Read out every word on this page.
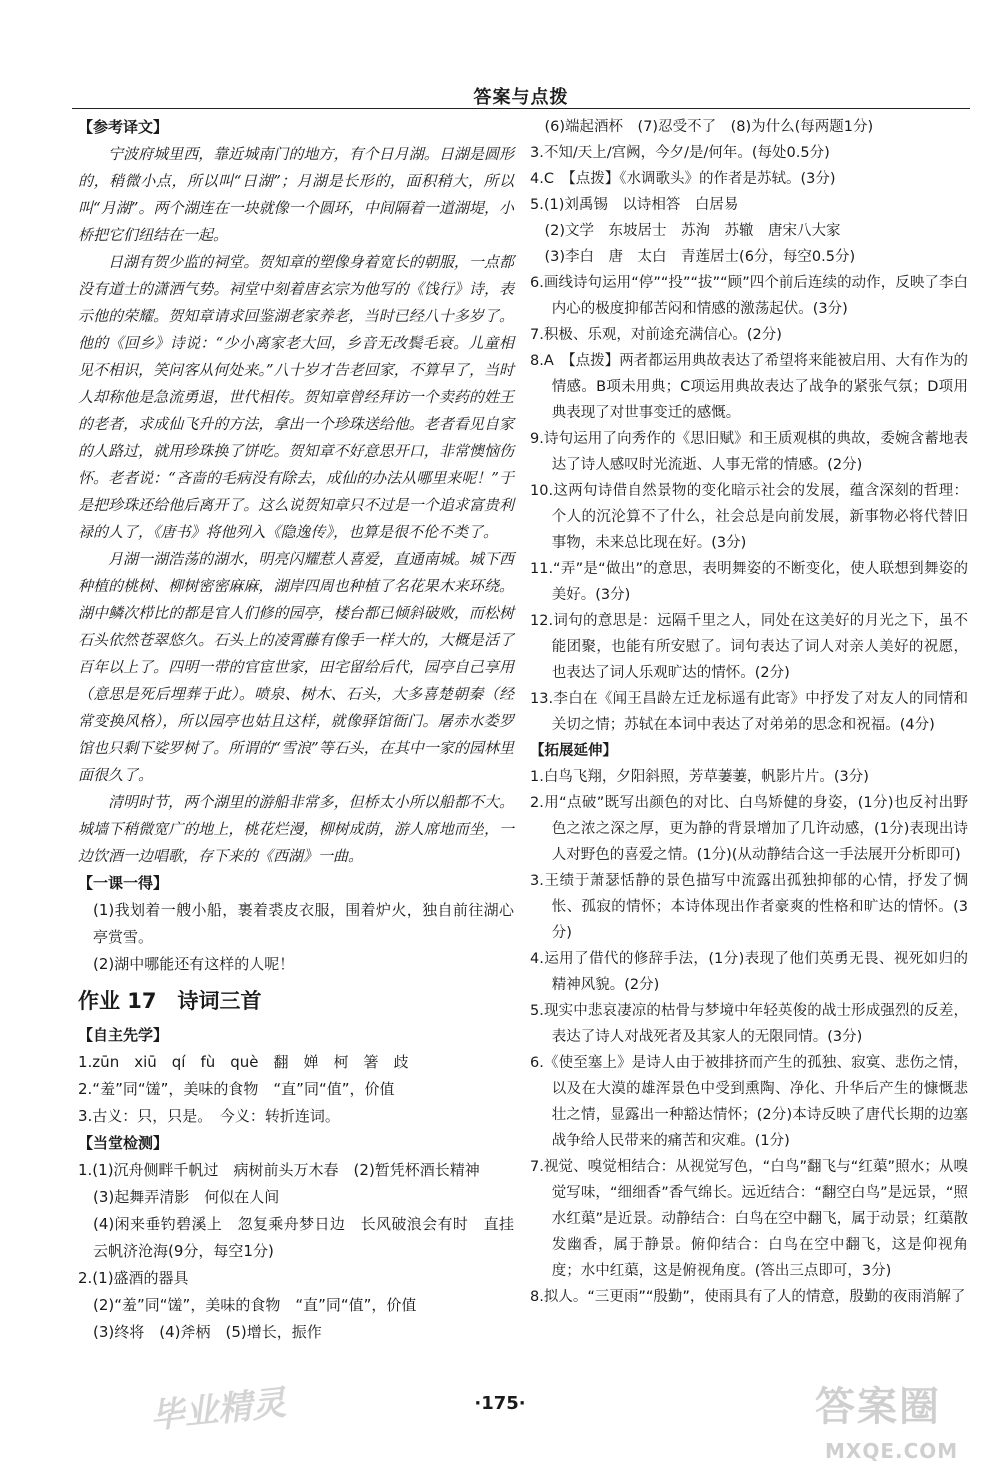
答案与点拨

【参考译文】

宁波府城里西，靠近城南门的地方，有个日月湖。日湖是圆形的，稍微小点，所以叫“日湖”；月湖是长形的，面积稍大，所以叫“月湖”。两个湖连在一块就像一个圆环，中间隔着一道湖堤，小桥把它们纽结在一起。

日湖有贺少监的祠堂。贺知章的塑像身着宽长的朝服，一点都没有道士的潇洒气势。祠堂中刻着唐玄宗为他写的《饯行》诗，表示他的荣耀。贺知章请求回鉴湖老家养老，当时已经八十多岁了。他的《回乡》诗说：“少小离家老大回，乡音无改鬓毛衰。儿童相见不相识，笑问客从何处来。”八十岁才告老回家，不算早了，当时人却称他是急流勇退，世代相传。贺知章曾经拜访一个卖药的姓王的老者，求成仙飞升的方法，拿出一个珍珠送给他。老者看见自家的人路过，就用珍珠换了饼吃。贺知章不好意思开口，非常懊恼伤怀。老者说：“吝啬的毛病没有除去，成仙的办法从哪里来呢！”于是把珍珠还给他后离开了。这么说贺知章只不过是一个追求富贵利禄的人了，《唐书》将他列入《隐逸传》，也算是很不伦不类了。

月湖一湖浩荡的湖水，明亮闪耀惹人喜爱，直通南城。城下西种植的桃树、柳树密密麻麻，湖岸四周也种植了名花果木来环绕。湖中鳞次栉比的都是官人们修的园亭，楼台都已倾斜破败，而松树石头依然苍翠悠久。石头上的凌霄藤有像手一样大的，大概是活了百年以上了。四明一带的官宦世家，田宅留给后代，园亭自己享用（意思是死后埋葬于此）。喷泉、树木、石头，大多喜楚朝秦（经常变换风格），所以园亭也姑且这样，就像驿馆衙门。屠赤水娄罗馆也只剩下娑罗树了。所谓的“雪浪”等石头，在其中一家的园林里面很久了。

清明时节，两个湖里的游船非常多，但桥太小所以船都不大。城墙下稍微宽广的地上，桃花烂漫，柳树成荫，游人席地而坐，一边饮酒一边唱歌，存下来的《西湖》一曲。

【一课一得】

(1)我划着一艘小船，裹着裘皮衣服，围着炉火，独自前往湖心亭赏雪。

(2)湖中哪能还有这样的人呢！

作业 17　诗词三首

【自主先学】

1.zūn　xiū　qí　fù　què　翻　婵　柯　箸　歧

2.“羞”同“馐”，美味的食物　“直”同“值”，价值

3.古义：只，只是。　今义：转折连词。

【当堂检测】

1.(1)沉舟侧畔千帆过　病树前头万木春　(2)暂凭杯酒长精神

(3)起舞弄清影　何似在人间

(4)闲来垂钓碧溪上　忽复乘舟梦日边　长风破浪会有时　直挂云帆济沧海(9分，每空1分)

2.(1)盛酒的器具

(2)“羞”同“馐”，美味的食物　“直”同“值”，价值

(3)终将　(4)斧柄　(5)增长，振作

(6)端起酒杯　(7)忍受不了　(8)为什么(每两题1分)

3.不知/天上/宫阙，今夕/是/何年。(每处0.5分)

4.C　【点拨】《水调歌头》的作者是苏轼。(3分)

5.(1)刘禹锡　以诗相答　白居易

(2)文学　东坡居士　苏洵　苏辙　唐宋八大家

(3)李白　唐　太白　青莲居士(6分，每空0.5分)

6.画线诗句运用“停”“投”“拔”“顾”四个前后连续的动作，反映了李白内心的极度抑郁苦闷和情感的激荡起伏。(3分)

7.积极、乐观，对前途充满信心。(2分)

8.A　【点拨】两者都运用典故表达了希望将来能被启用、大有作为的情感。B项未用典；C项运用典故表达了战争的紧张气氛；D项用典表现了对世事变迁的感慨。

9.诗句运用了向秀作的《思旧赋》和王质观棋的典故，委婉含蓄地表达了诗人感叹时光流逝、人事无常的情感。(2分)

10.这两句诗借自然景物的变化暗示社会的发展，蕴含深刻的哲理：个人的沉沦算不了什么，社会总是向前发展，新事物必将代替旧事物，未来总比现在好。(3分)

11.“弄”是“做出”的意思，表明舞姿的不断变化，使人联想到舞姿的美好。(3分)

12.词句的意思是：远隔千里之人，同处在这美好的月光之下，虽不能团聚，也能有所安慰了。词句表达了词人对亲人美好的祝愿，也表达了词人乐观旷达的情怀。(2分)

13.李白在《闻王昌龄左迁龙标遥有此寄》中抒发了对友人的同情和关切之情；苏轼在本词中表达了对弟弟的思念和祝福。(4分)

【拓展延伸】

1.白鸟飞翔，夕阳斜照，芳草萋萋，帆影片片。(3分)

2.用“点破”既写出颜色的对比、白鸟矫健的身姿，(1分)也反衬出野色之浓之深之厚，更为静的背景增加了几许动感，(1分)表现出诗人对野色的喜爱之情。(1分)(从动静结合这一手法展开分析即可)

3.王绩于萧瑟恬静的景色描写中流露出孤独抑郁的心情，抒发了惆怅、孤寂的情怀；本诗体现出作者豪爽的性格和旷达的情怀。(3分)

4.运用了借代的修辞手法，(1分)表现了他们英勇无畏、视死如归的精神风貌。(2分)

5.现实中悲哀凄凉的枯骨与梦境中年轻英俊的战士形成强烈的反差，表达了诗人对战死者及其家人的无限同情。(3分)

6.《使至塞上》是诗人由于被排挤而产生的孤独、寂寞、悲伤之情，以及在大漠的雄浑景色中受到熏陶、净化、升华后产生的慷慨悲壮之情，显露出一种豁达情怀；(2分)本诗反映了唐代长期的边塞战争给人民带来的痛苦和灾难。(1分)

7.视觉、嗅觉相结合：从视觉写色，“白鸟”翻飞与“红蕖”照水；从嗅觉写味，“细细香”香气绵长。远近结合：“翻空白鸟”是远景，“照水红蕖”是近景。动静结合：白鸟在空中翻飞，属于动景；红蕖散发幽香，属于静景。俯仰结合：白鸟在空中翻飞，这是仰视角度；水中红蕖，这是俯视角度。(答出三点即可，3分)

8.拟人。“三更雨”“殷勤”，使雨具有了人的情意，殷勤的夜雨消解了

·175·
毕业精灵	答案圈
MXQE.COM
